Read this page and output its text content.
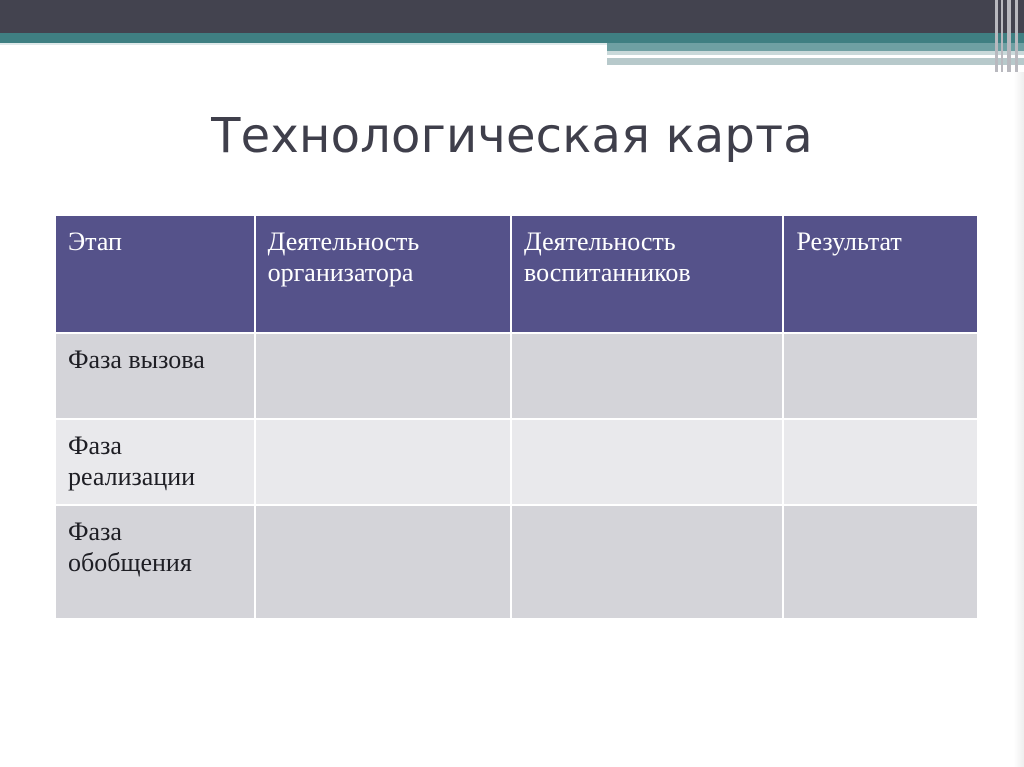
Технологическая карта
Этап	Деятельность организатора	Деятельность воспитанников	Результат
Фаза вызова			
Фаза реализации			
Фаза обобщения			
